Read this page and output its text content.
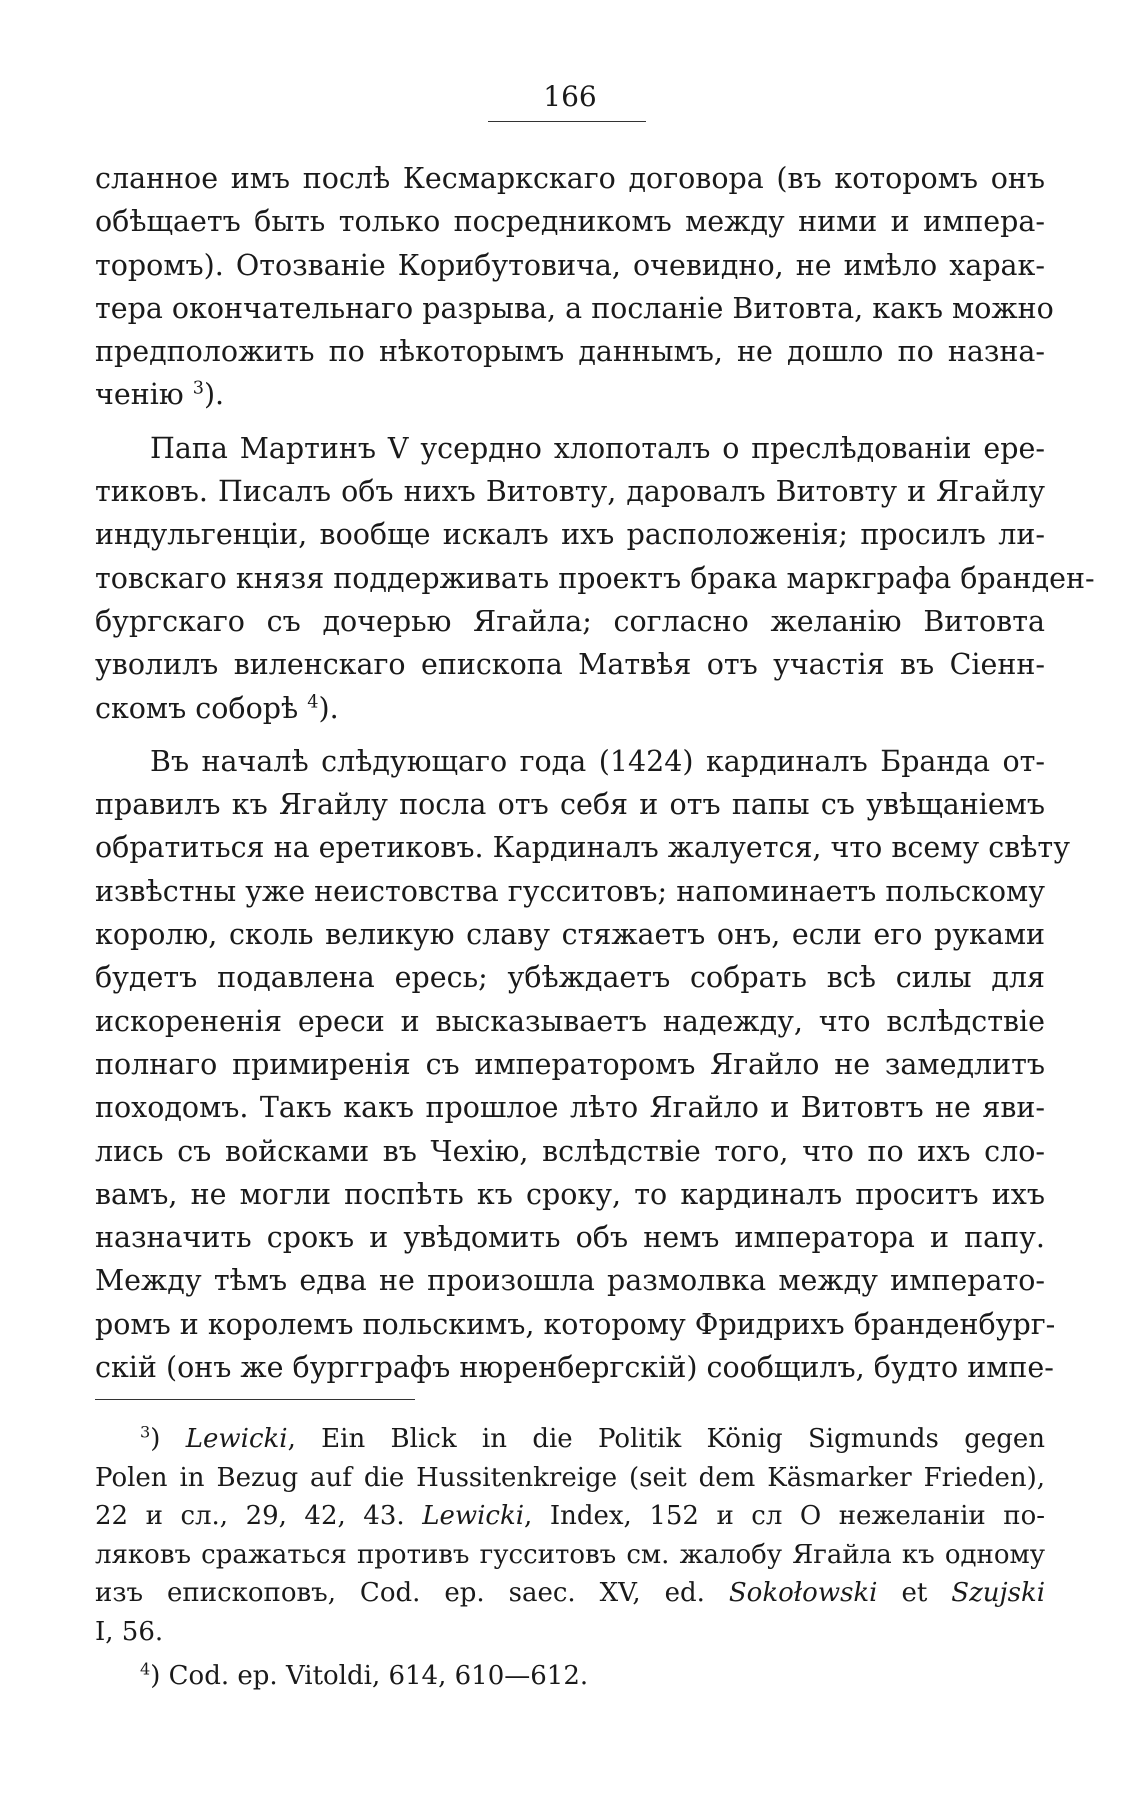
166
сланное имъ послѣ Кесмаркскаго договора (въ которомъ онъ
обѣщаетъ быть только посредникомъ между ними и импера-
торомъ). Отозваніе Корибутовича, очевидно, не имѣло харак-
тера окончательнаго разрыва, а посланіе Витовта, какъ можно
предположить по нѣкоторымъ даннымъ, не дошло по назна-
ченію $^3$).
Папа Мартинъ V усердно хлопоталъ о преслѣдованіи ере-
тиковъ. Писалъ объ нихъ Витовту, даровалъ Витовту и Ягайлу
индульгенціи, вообще искалъ ихъ расположенія; просилъ ли-
товскаго князя поддерживать проектъ брака маркграфа бранден-
бургскаго съ дочерью Ягайла; согласно желанію Витовта
уволилъ виленскаго епископа Матвѣя отъ участія въ Сіенн-
скомъ соборѣ $^4$).
Въ началѣ слѣдующаго года (1424) кардиналъ Бранда от-
правилъ къ Ягайлу посла отъ себя и отъ папы съ увѣщаніемъ
обратиться на еретиковъ. Кардиналъ жалуется, что всему свѣту
извѣстны уже неистовства гусситовъ; напоминаетъ польскому
королю, сколь великую славу стяжаетъ онъ, если его руками
будетъ подавлена ересь; убѣждаетъ собрать всѣ силы для
искорененія ереси и высказываетъ надежду, что вслѣдствіе
полнаго примиренія съ императоромъ Ягайло не замедлитъ
походомъ. Такъ какъ прошлое лѣто Ягайло и Витовтъ не яви-
лись съ войсками въ Чехію, вслѣдствіе того, что по ихъ сло-
вамъ, не могли поспѣть къ сроку, то кардиналъ проситъ ихъ
назначить срокъ и увѣдомить объ немъ императора и папу.
Между тѣмъ едва не произошла размолвка между императо-
ромъ и королемъ польскимъ, которому Фридрихъ бранденбург-
скій (онъ же бургграфъ нюренбергскій) сообщилъ, будто импе-
$^3$) Lewicki, Ein Blick in die Politik König Sigmunds gegen
Polen in Bezug auf die Hussitenkreige (seit dem Käsmarker Frieden),
22 и сл., 29, 42, 43. Lewicki, Index, 152 и сл О нежеланіи по-
ляковъ сражаться противъ гусситовъ см. жалобу Ягайла къ одному
изъ епископовъ, Cod. ep. saec. XV, ed. Sokołowski et Szujski
I, 56.
$^4$) Cod. ep. Vitoldi, 614, 610—612.
